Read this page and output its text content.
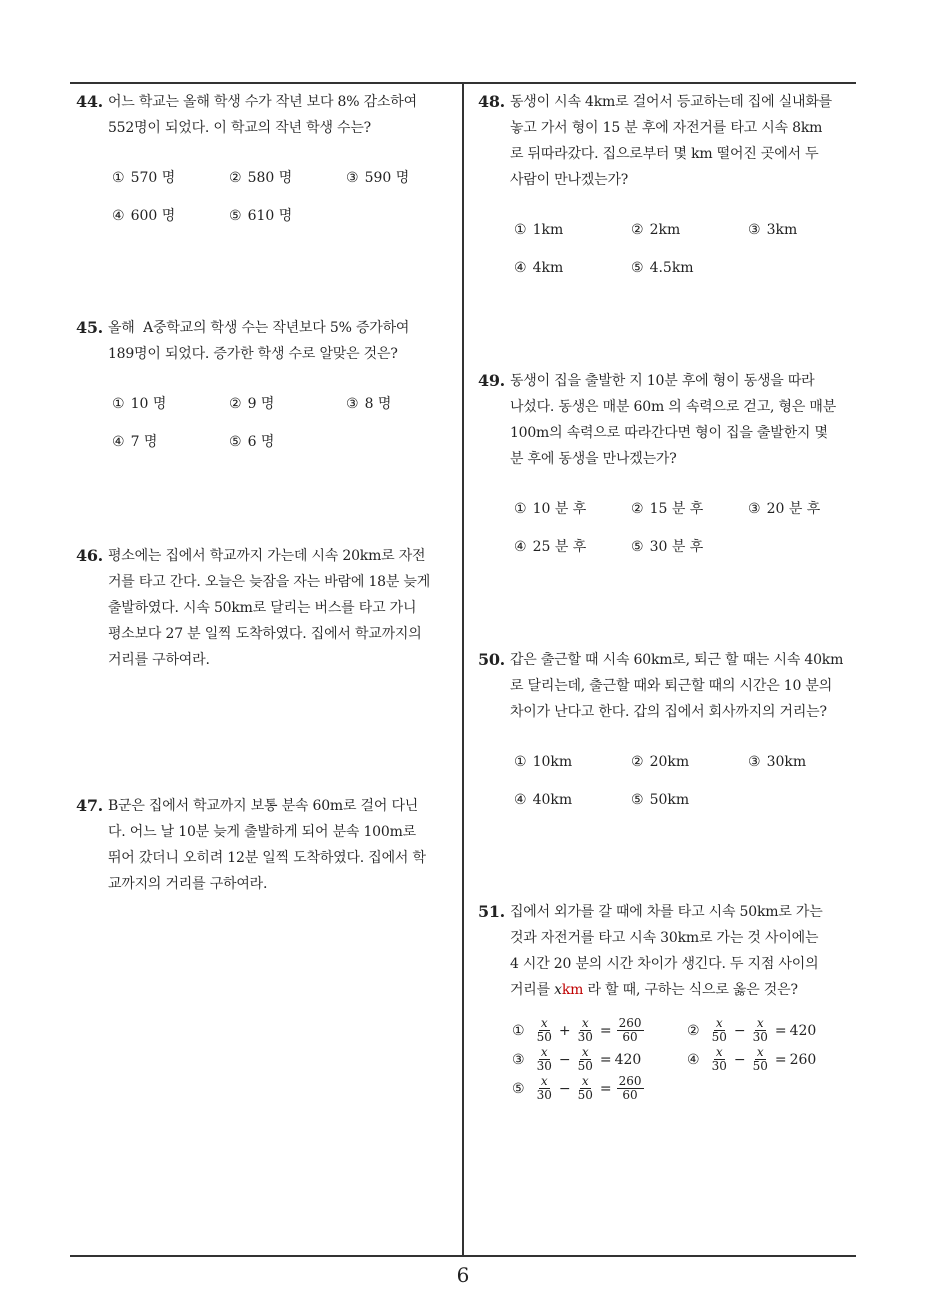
44. 어느 학교는 올해 학생 수가 작년 보다 8% 감소하여
552명이 되었다. 이 학교의 작년 학생 수는?
① 570 명	② 580 명	③ 590 명
④ 600 명	⑤ 610 명
45. 올해  A중학교의 학생 수는 작년보다 5% 증가하여
189명이 되었다. 증가한 학생 수로 알맞은 것은?
① 10 명	② 9 명	③ 8 명
④ 7 명	⑤ 6 명
46. 평소에는 집에서 학교까지 가는데 시속 20km로 자전
거를 타고 간다. 오늘은 늦잠을 자는 바람에 18분 늦게
출발하였다. 시속 50km로 달리는 버스를 타고 가니
평소보다 27 분 일찍 도착하였다. 집에서 학교까지의
거리를 구하여라.
47. B군은 집에서 학교까지 보통 분속 60m로 걸어 다닌
다. 어느 날 10분 늦게 출발하게 되어 분속 100m로
뛰어 갔더니 오히려 12분 일찍 도착하였다. 집에서 학
교까지의 거리를 구하여라.
48. 동생이 시속 4km로 걸어서 등교하는데 집에 실내화를
놓고 가서 형이 15 분 후에 자전거를 타고 시속 8km
로 뒤따라갔다. 집으로부터 몇 km 떨어진 곳에서 두
사람이 만나겠는가?
① 1km	② 2km	③ 3km
④ 4km	⑤ 4.5km
49. 동생이 집을 출발한 지 10분 후에 형이 동생을 따라
나섰다. 동생은 매분 60m 의 속력으로 걷고, 형은 매분
100m의 속력으로 따라간다면 형이 집을 출발한지 몇
분 후에 동생을 만나겠는가?
① 10 분 후	② 15 분 후	③ 20 분 후
④ 25 분 후	⑤ 30 분 후
50. 갑은 출근할 때 시속 60km로, 퇴근 할 때는 시속 40km
로 달리는데, 출근할 때와 퇴근할 때의 시간은 10 분의
차이가 난다고 한다. 갑의 집에서 회사까지의 거리는?
① 10km	② 20km	③ 30km
④ 40km	⑤ 50km
51. 집에서 외가를 갈 때에 차를 타고 시속 50km로 가는
것과 자전거를 타고 시속 30km로 가는 것 사이에는
4 시간 20 분의 시간 차이가 생긴다. 두 지점 사이의
거리를 xkm 라 할 때, 구하는 식으로 옳은 것은?
① $\frac{x}{50} + \frac{x}{30} = \frac{260}{60}$	② $\frac{x}{50} - \frac{x}{30} = 420$
③ $\frac{x}{30} - \frac{x}{50} = 420$	④ $\frac{x}{30} - \frac{x}{50} = 260$
⑤ $\frac{x}{30} - \frac{x}{50} = \frac{260}{60}$
6
